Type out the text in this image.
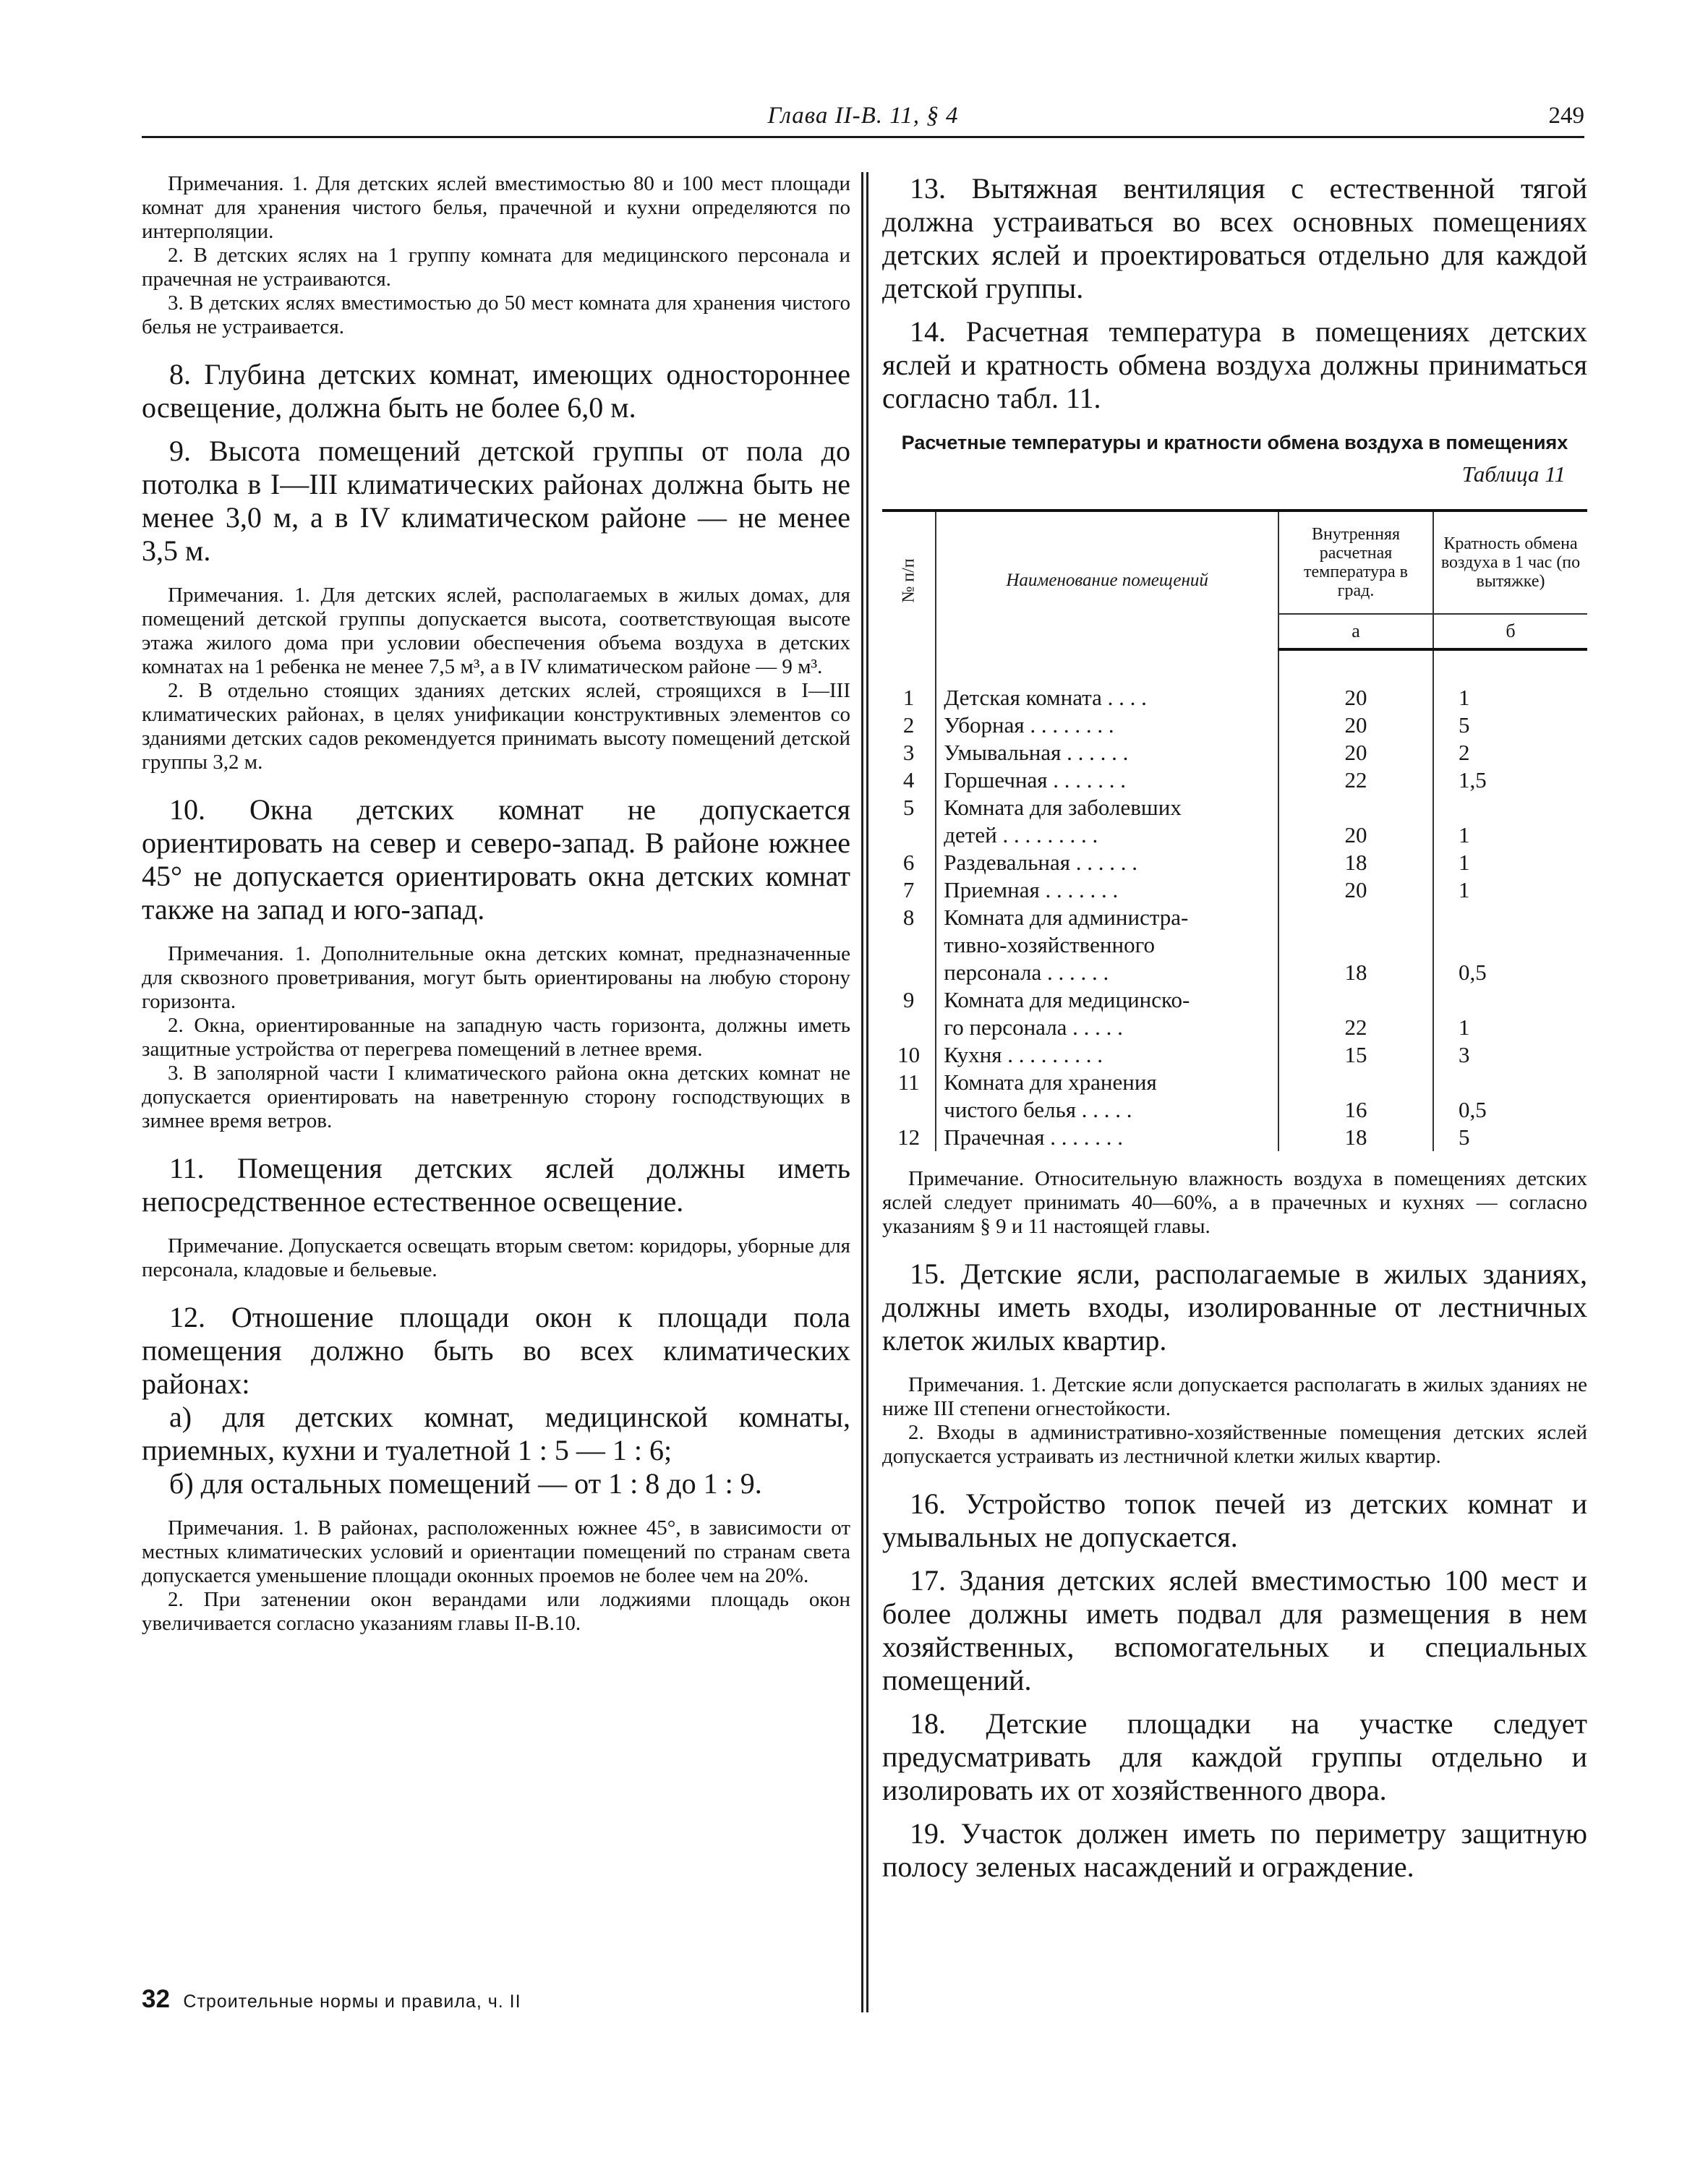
Глава II-В. 11, § 4	249

Примечания. 1. Для детских яслей вместимостью 80 и 100 мест площади комнат для хранения чистого белья, прачечной и кухни определяются по интерполяции.

2. В детских яслях на 1 группу комната для медицинского персонала и прачечная не устраиваются.

3. В детских яслях вместимостью до 50 мест комната для хранения чистого белья не устраивается.

8. Глубина детских комнат, имеющих одностороннее освещение, должна быть не более 6,0 м.

9. Высота помещений детской группы от пола до потолка в I—III климатических районах должна быть не менее 3,0 м, а в IV климатическом районе — не менее 3,5 м.

Примечания. 1. Для детских яслей, располагаемых в жилых домах, для помещений детской группы допускается высота, соответствующая высоте этажа жилого дома при условии обеспечения объема воздуха в детских комнатах на 1 ребенка не менее 7,5 м³, а в IV климатическом районе — 9 м³.

2. В отдельно стоящих зданиях детских яслей, строящихся в I—III климатических районах, в целях унификации конструктивных элементов со зданиями детских садов рекомендуется принимать высоту помещений детской группы 3,2 м.

10. Окна детских комнат не допускается ориентировать на север и северо-запад. В районе южнее 45° не допускается ориентировать окна детских комнат также на запад и юго-запад.

Примечания. 1. Дополнительные окна детских комнат, предназначенные для сквозного проветривания, могут быть ориентированы на любую сторону горизонта.

2. Окна, ориентированные на западную часть горизонта, должны иметь защитные устройства от перегрева помещений в летнее время.

3. В заполярной части I климатического района окна детских комнат не допускается ориентировать на наветренную сторону господствующих в зимнее время ветров.

11. Помещения детских яслей должны иметь непосредственное естественное освещение.

Примечание. Допускается освещать вторым светом: коридоры, уборные для персонала, кладовые и бельевые.

12. Отношение площади окон к площади пола помещения должно быть во всех климатических районах:

а) для детских комнат, медицинской комнаты, приемных, кухни и туалетной 1 : 5 — 1 : 6;

б) для остальных помещений — от 1 : 8 до 1 : 9.

Примечания. 1. В районах, расположенных южнее 45°, в зависимости от местных климатических условий и ориентации помещений по странам света допускается уменьшение площади оконных проемов не более чем на 20%.

2. При затенении окон верандами или лоджиями площадь окон увеличивается согласно указаниям главы II-В.10.

13. Вытяжная вентиляция с естественной тягой должна устраиваться во всех основных помещениях детских яслей и проектироваться отдельно для каждой детской группы.

14. Расчетная температура в помещениях детских яслей и кратность обмена воздуха должны приниматься согласно табл. 11.

Расчетные температуры и кратности обмена воздуха в помещениях
Таблица 11
№ п/п	Наименование помещений	Внутренняя расчетная температура в град.	Кратность обмена воздуха в 1 час (по вытяжке)
		а	б

1	Детская комната . . . .	20	1
2	Уборная . . . . . . . .	20	5
3	Умывальная . . . . . .	20	2
4	Горшечная . . . . . . .	22	1,5
5	Комната для заболевших		
	детей . . . . . . . . .	20	1
6	Раздевальная . . . . . .	18	1
7	Приемная . . . . . . .	20	1
8	Комната для администра-		
	тивно-хозяйственного		
	персонала . . . . . .	18	0,5
9	Комната для медицинско-		
	го персонала . . . . .	22	1
10	Кухня . . . . . . . . .	15	3
11	Комната для хранения		
	чистого белья . . . . .	16	0,5
12	Прачечная . . . . . . .	18	5

Примечание. Относительную влажность воздуха в помещениях детских яслей следует принимать 40—60%, а в прачечных и кухнях — согласно указаниям § 9 и 11 настоящей главы.

15. Детские ясли, располагаемые в жилых зданиях, должны иметь входы, изолированные от лестничных клеток жилых квартир.

Примечания. 1. Детские ясли допускается располагать в жилых зданиях не ниже III степени огнестойкости.

2. Входы в административно-хозяйственные помещения детских яслей допускается устраивать из лестничной клетки жилых квартир.

16. Устройство топок печей из детских комнат и умывальных не допускается.

17. Здания детских яслей вместимостью 100 мест и более должны иметь подвал для размещения в нем хозяйственных, вспомогательных и специальных помещений.

18. Детские площадки на участке следует предусматривать для каждой группы отдельно и изолировать их от хозяйственного двора.

19. Участок должен иметь по периметру защитную полосу зеленых насаждений и ограждение.

32 Строительные нормы и правила, ч. II
